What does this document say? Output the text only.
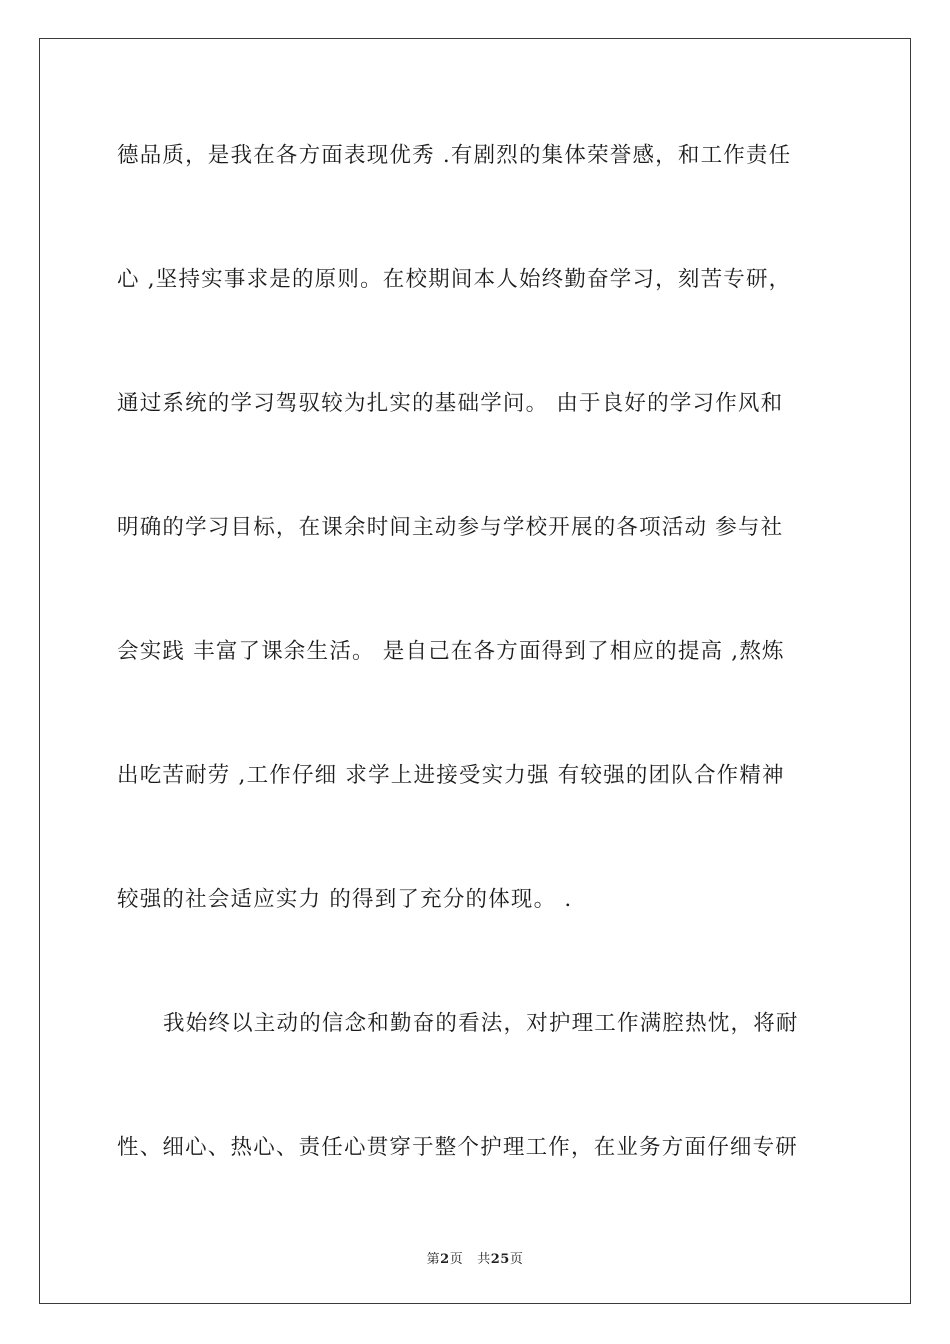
德品质，是我在各方面表现优秀 .有剧烈的集体荣誉感，和工作责任
心 ,坚持实事求是的原则。在校期间本人始终勤奋学习，刻苦专研，
通过系统的学习驾驭较为扎实的基础学问。 由于良好的学习作风和
明确的学习目标，在课余时间主动参与学校开展的各项活动 参与社
会实践 丰富了课余生活。 是自己在各方面得到了相应的提高 ,熬炼
出吃苦耐劳 ,工作仔细 求学上进接受实力强 有较强的团队合作精神
较强的社会适应实力 的得到了充分的体现。 .
我始终以主动的信念和勤奋的看法，对护理工作满腔热忱，将耐
性、细心、热心、责任心贯穿于整个护理工作，在业务方面仔细专研
第2页 共25页
